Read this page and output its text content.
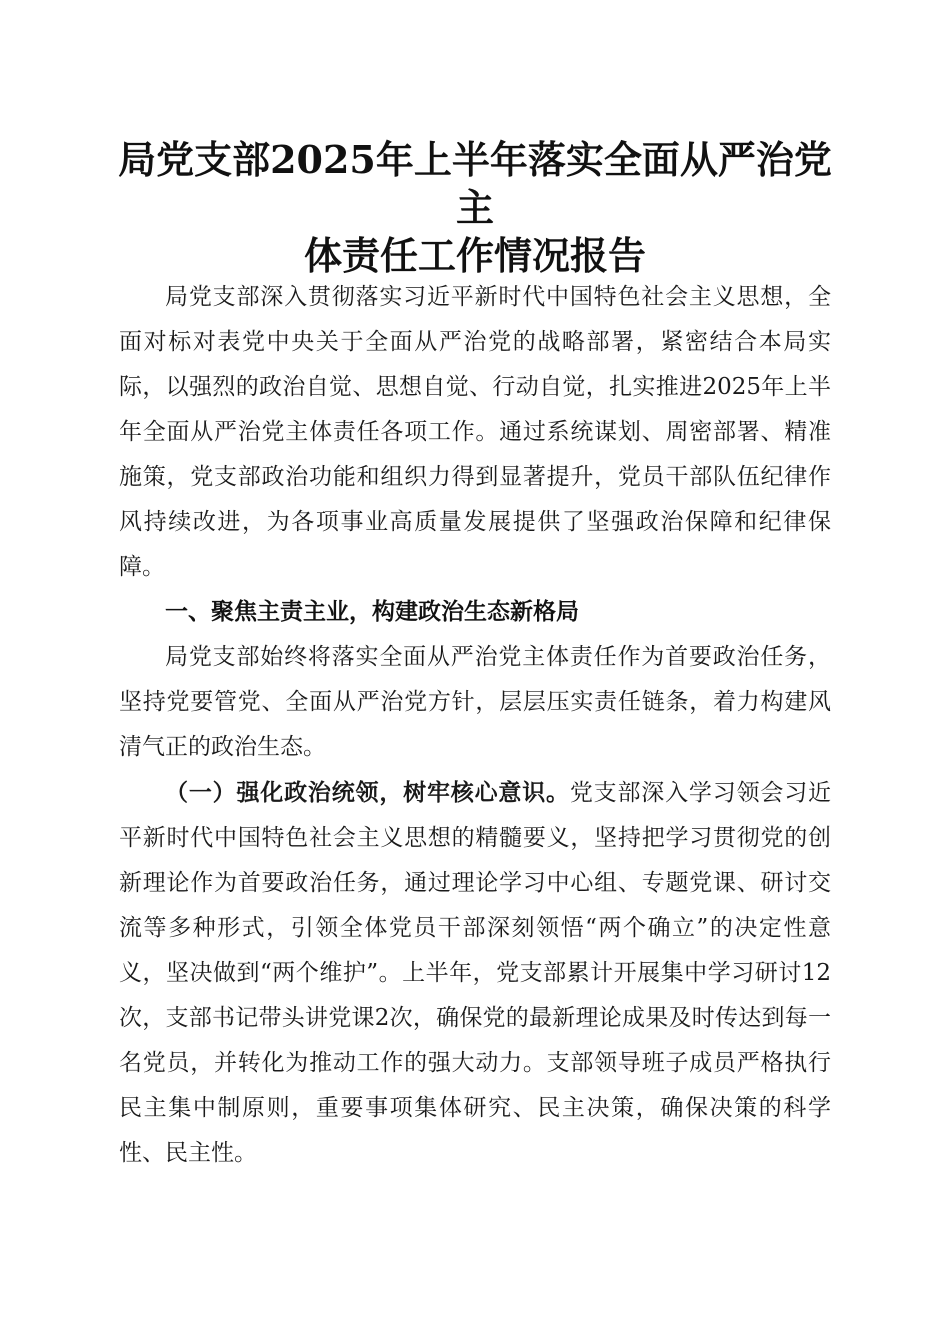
局党支部2025年上半年落实全面从严治党主
体责任工作情况报告

局党支部深入贯彻落实习近平新时代中国特色社会主义思想，全面对标对表党中央关于全面从严治党的战略部署，紧密结合本局实际，以强烈的政治自觉、思想自觉、行动自觉，扎实推进2025年上半年全面从严治党主体责任各项工作。通过系统谋划、周密部署、精准施策，党支部政治功能和组织力得到显著提升，党员干部队伍纪律作风持续改进，为各项事业高质量发展提供了坚强政治保障和纪律保障。

一、聚焦主责主业，构建政治生态新格局

局党支部始终将落实全面从严治党主体责任作为首要政治任务，坚持党要管党、全面从严治党方针，层层压实责任链条，着力构建风清气正的政治生态。

（一）强化政治统领，树牢核心意识。党支部深入学习领会习近平新时代中国特色社会主义思想的精髓要义，坚持把学习贯彻党的创新理论作为首要政治任务，通过理论学习中心组、专题党课、研讨交流等多种形式，引领全体党员干部深刻领悟“两个确立”的决定性意义，坚决做到“两个维护”。上半年，党支部累计开展集中学习研讨12次，支部书记带头讲党课2次，确保党的最新理论成果及时传达到每一名党员，并转化为推动工作的强大动力。支部领导班子成员严格执行民主集中制原则，重要事项集体研究、民主决策，确保决策的科学性、民主性。
